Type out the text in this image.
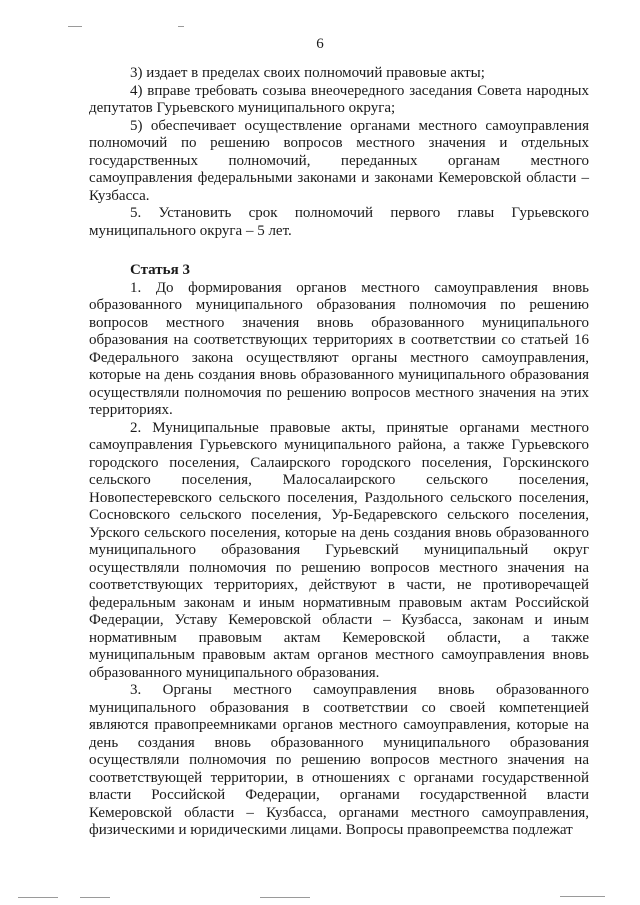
6

3) издает в пределах своих полномочий правовые акты;

4) вправе требовать созыва внеочередного заседания Совета народных депутатов Гурьевского муниципального округа;

5) обеспечивает осуществление органами местного самоуправления полномочий по решению вопросов местного значения и отдельных государственных полномочий, переданных органам местного самоуправления федеральными законами и законами Кемеровской области – Кузбасса.

5. Установить срок полномочий первого главы Гурьевского муниципального округа – 5 лет.

Статья 3

1. До формирования органов местного самоуправления вновь образованного муниципального образования полномочия по решению вопросов местного значения вновь образованного муниципального образования на соответствующих территориях в соответствии со статьей 16 Федерального закона осуществляют органы местного самоуправления, которые на день создания вновь образованного муниципального образования осуществляли полномочия по решению вопросов местного значения на этих территориях.

2. Муниципальные правовые акты, принятые органами местного самоуправления Гурьевского муниципального района, а также Гурьевского городского поселения, Салаирского городского поселения, Горскинского сельского поселения, Малосалаирского сельского поселения, Новопестеревского сельского поселения, Раздольного сельского поселения, Сосновского сельского поселения, Ур-Бедаревского сельского поселения, Урского сельского поселения, которые на день создания вновь образованного муниципального образования Гурьевский муниципальный округ осуществляли полномочия по решению вопросов местного значения на соответствующих территориях, действуют в части, не противоречащей федеральным законам и иным нормативным правовым актам Российской Федерации, Уставу Кемеровской области – Кузбасса, законам и иным нормативным правовым актам Кемеровской области, а также муниципальным правовым актам органов местного самоуправления вновь образованного муниципального образования.

3. Органы местного самоуправления вновь образованного муниципального образования в соответствии со своей компетенцией являются правопреемниками органов местного самоуправления, которые на день создания вновь образованного муниципального образования осуществляли полномочия по решению вопросов местного значения на соответствующей территории, в отношениях с органами государственной власти Российской Федерации, органами государственной власти Кемеровской области – Кузбасса, органами местного самоуправления, физическими и юридическими лицами. Вопросы правопреемства подлежат
